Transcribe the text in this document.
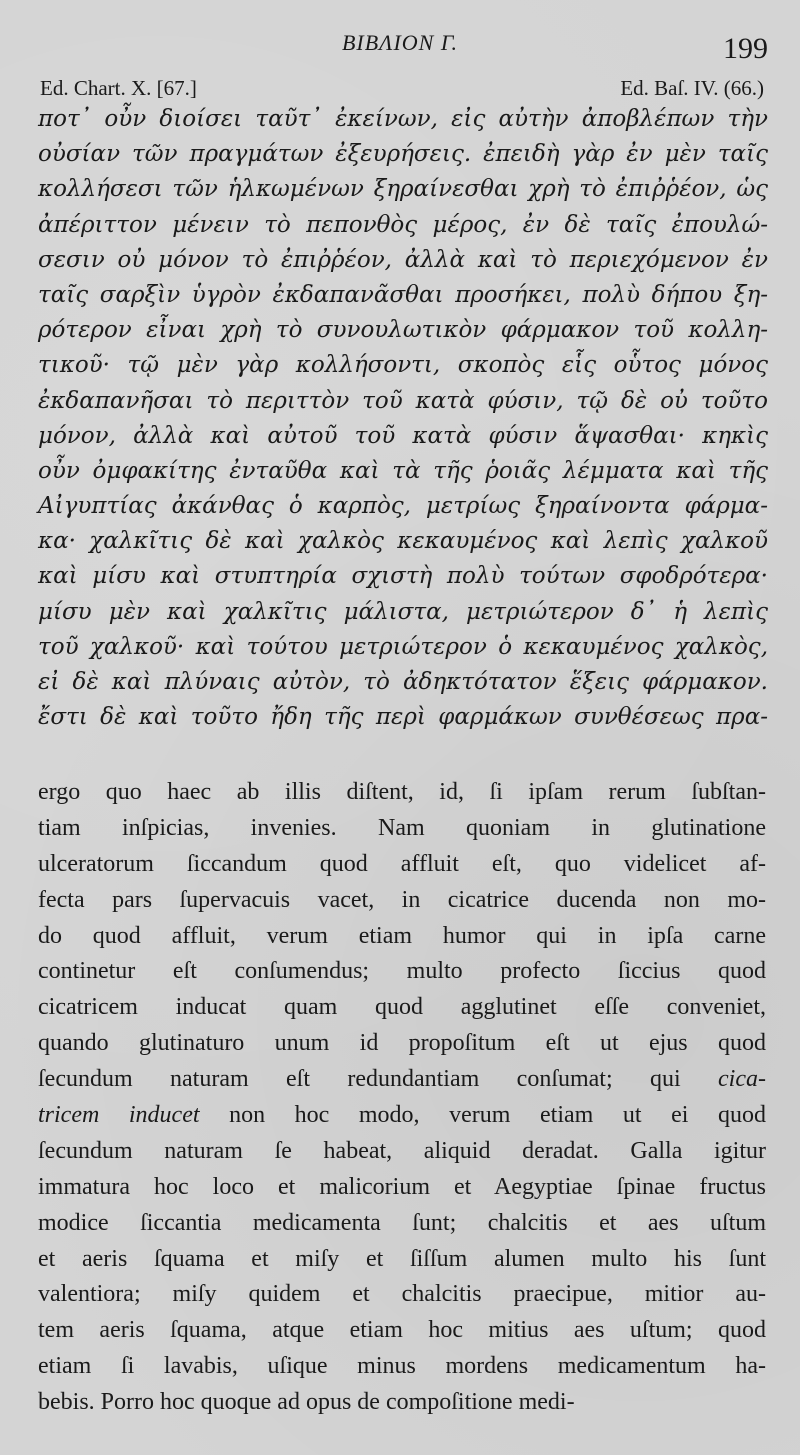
BIBΛΙΟΝ Γ.	199
Ed. Chart. X. [67.]	Ed. Baſ. IV. (66.)
ποτ᾽ οὖν διοίσει ταῦτ᾽ ἐκείνων, εἰς αὐτὴν ἀποβλέπων τὴν
οὐσίαν τῶν πραγμάτων ἐξευρήσεις. ἐπειδὴ γὰρ ἐν μὲν ταῖς
κολλήσεσι τῶν ἡλκωμένων ξηραίνεσθαι χρὴ τὸ ἐπιῤῥέον, ὡς
ἀπέριττον μένειν τὸ πεπονθὸς μέρος, ἐν δὲ ταῖς ἐπουλώ-
σεσιν οὐ μόνον τὸ ἐπιῤῥέον, ἀλλὰ καὶ τὸ περιεχόμενον ἐν
ταῖς σαρξὶν ὑγρὸν ἐκδαπανᾶσθαι προσήκει, πολὺ δήπου ξη-
ρότερον εἶναι χρὴ τὸ συνουλωτικὸν φάρμακον τοῦ κολλη-
τικοῦ· τῷ μὲν γὰρ κολλήσοντι, σκοπὸς εἷς οὗτος μόνος
ἐκδαπανῆσαι τὸ περιττὸν τοῦ κατὰ φύσιν, τῷ δὲ οὐ τοῦτο
μόνον, ἀλλὰ καὶ αὐτοῦ τοῦ κατὰ φύσιν ἅψασθαι· κηκὶς
οὖν ὀμφακίτης ἐνταῦθα καὶ τὰ τῆς ῥοιᾶς λέμματα καὶ τῆς
Αἰγυπτίας ἀκάνθας ὁ καρπὸς, μετρίως ξηραίνοντα φάρμα-
κα· χαλκῖτις δὲ καὶ χαλκὸς κεκαυμένος καὶ λεπὶς χαλκοῦ
καὶ μίσυ καὶ στυπτηρία σχιστὴ πολὺ τούτων σφοδρότερα·
μίσυ μὲν καὶ χαλκῖτις μάλιστα, μετριώτερον δ᾽ ἡ λεπὶς
τοῦ χαλκοῦ· καὶ τούτου μετριώτερον ὁ κεκαυμένος χαλκὸς,
εἰ δὲ καὶ πλύναις αὐτὸν, τὸ ἀδηκτότατον ἕξεις φάρμακον.
ἔστι δὲ καὶ τοῦτο ἤδη τῆς περὶ φαρμάκων συνθέσεως πρα-
ergo quo haec ab illis diſtent, id, ſi ipſam rerum ſubſtan-
tiam inſpicias, invenies. Nam quoniam in glutinatione
ulceratorum ſiccandum quod affluit eſt, quo videlicet af-
fecta pars ſupervacuis vacet, in cicatrice ducenda non mo-
do quod affluit, verum etiam humor qui in ipſa carne
continetur eſt conſumendus; multo profecto ſiccius quod
cicatricem inducat quam quod agglutinet eſſe conveniet,
quando glutinaturo unum id propoſitum eſt ut ejus quod
ſecundum naturam eſt redundantiam conſumat; qui cica-
tricem inducet non hoc modo, verum etiam ut ei quod
ſecundum naturam ſe habeat, aliquid deradat. Galla igitur
immatura hoc loco et malicorium et Aegyptiae ſpinae fructus
modice ſiccantia medicamenta ſunt; chalcitis et aes uſtum
et aeris ſquama et miſy et ſiſſum alumen multo his ſunt
valentiora; miſy quidem et chalcitis praecipue, mitior au-
tem aeris ſquama, atque etiam hoc mitius aes uſtum; quod
etiam ſi lavabis, uſique minus mordens medicamentum ha-
bebis. Porro hoc quoque ad opus de compoſitione medi-
